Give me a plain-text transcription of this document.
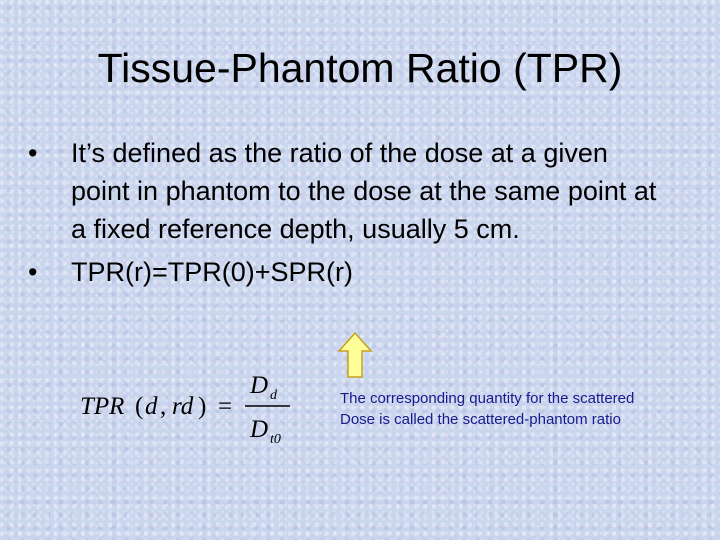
Tissue-Phantom Ratio (TPR)
• It’s defined as the ratio of the dose at a given point in phantom to the dose at the same point at a fixed reference depth, usually 5 cm.
• TPR(r)=TPR(0)+SPR(r)
TPR ( d , rd ) =
D d
D t0
The corresponding quantity for the scattered
Dose is called the scattered-phantom ratio
